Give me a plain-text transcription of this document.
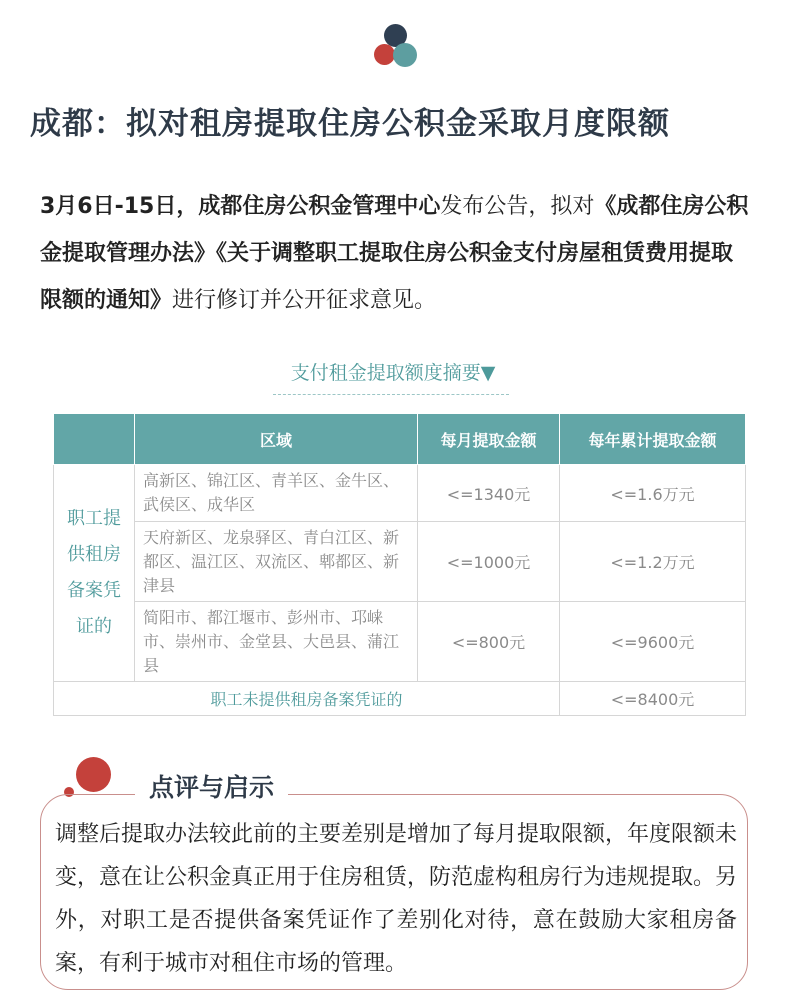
成都：拟对租房提取住房公积金采取月度限额
3月6日-15日，成都住房公积金管理中心发布公告，拟对《成都住房公积金提取管理办法》《关于调整职工提取住房公积金支付房屋租赁费用提取限额的通知》进行修订并公开征求意见。
支付租金提取额度摘要▼
	区域	每月提取金额	每年累计提取金额
职工提供租房备案凭证的	高新区、锦江区、青羊区、金牛区、武侯区、成华区	<=1340元	<=1.6万元
	天府新区、龙泉驿区、青白江区、新都区、温江区、双流区、郫都区、新津县	<=1000元	<=1.2万元
	简阳市、都江堰市、彭州市、邛崃市、崇州市、金堂县、大邑县、蒲江县	<=800元	<=9600元
职工未提供租房备案凭证的			<=8400元
点评与启示
调整后提取办法较此前的主要差别是增加了每月提取限额，年度限额未变，意在让公积金真正用于住房租赁，防范虚构租房行为违规提取。另外，对职工是否提供备案凭证作了差别化对待，意在鼓励大家租房备案，有利于城市对租住市场的管理。
